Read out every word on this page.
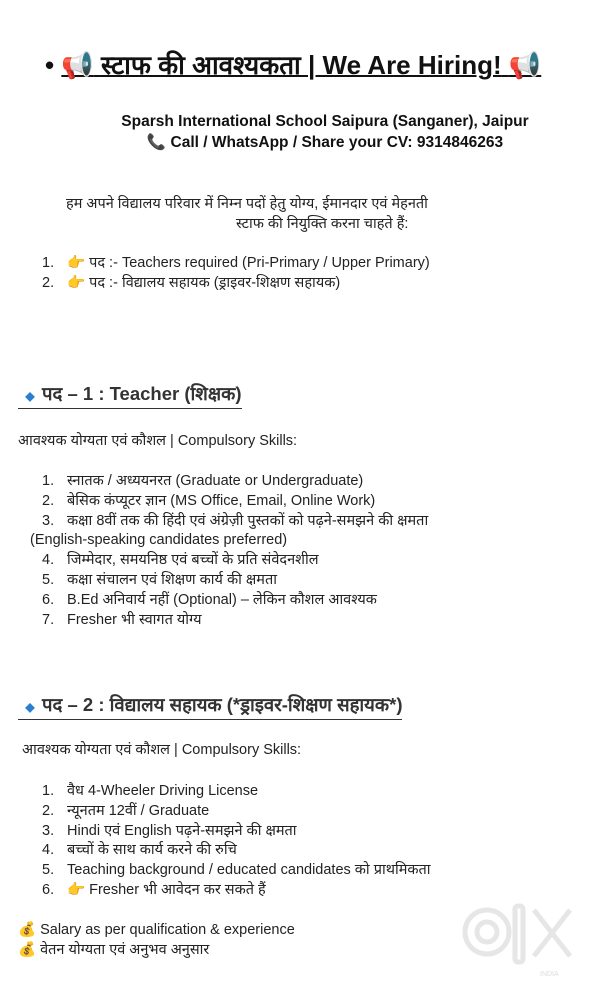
• 📢 स्टाफ की आवश्यकता | We Are Hiring! 📢
Sparsh International School Saipura (Sanganer), Jaipur
📞 Call / WhatsApp / Share your CV: 9314846263
हम अपने विद्यालय परिवार में निम्न पदों हेतु योग्य, ईमानदार एवं मेहनती
स्टाफ की नियुक्ति करना चाहते हैं:
1. 👉 पद :- Teachers required (Pri-Primary / Upper Primary)
2. 👉 पद :- विद्यालय सहायक (ड्राइवर-शिक्षण सहायक)
◆ पद – 1 : Teacher (शिक्षक)
आवश्यक योग्यता एवं कौशल | Compulsory Skills:
1. स्नातक / अध्ययनरत (Graduate or Undergraduate)
2. बेसिक कंप्यूटर ज्ञान (MS Office, Email, Online Work)
3. कक्षा 8वीं तक की हिंदी एवं अंग्रेज़ी पुस्तकों को पढ़ने-समझने की क्षमता
(English-speaking candidates preferred)
4. जिम्मेदार, समयनिष्ठ एवं बच्चों के प्रति संवेदनशील
5. कक्षा संचालन एवं शिक्षण कार्य की क्षमता
6. B.Ed अनिवार्य नहीं (Optional) – लेकिन कौशल आवश्यक
7. Fresher भी स्वागत योग्य
◆ पद – 2 : विद्यालय सहायक (*ड्राइवर-शिक्षण सहायक*)
आवश्यक योग्यता एवं कौशल | Compulsory Skills:
1. वैध 4-Wheeler Driving License
2. न्यूनतम 12वीं / Graduate
3. Hindi एवं English पढ़ने-समझने की क्षमता
4. बच्चों के साथ कार्य करने की रुचि
5. Teaching background / educated candidates को प्राथमिकता
6. 👉 Fresher भी आवेदन कर सकते हैं
💰 Salary as per qualification & experience
💰 वेतन योग्यता एवं अनुभव अनुसार
INDIA
